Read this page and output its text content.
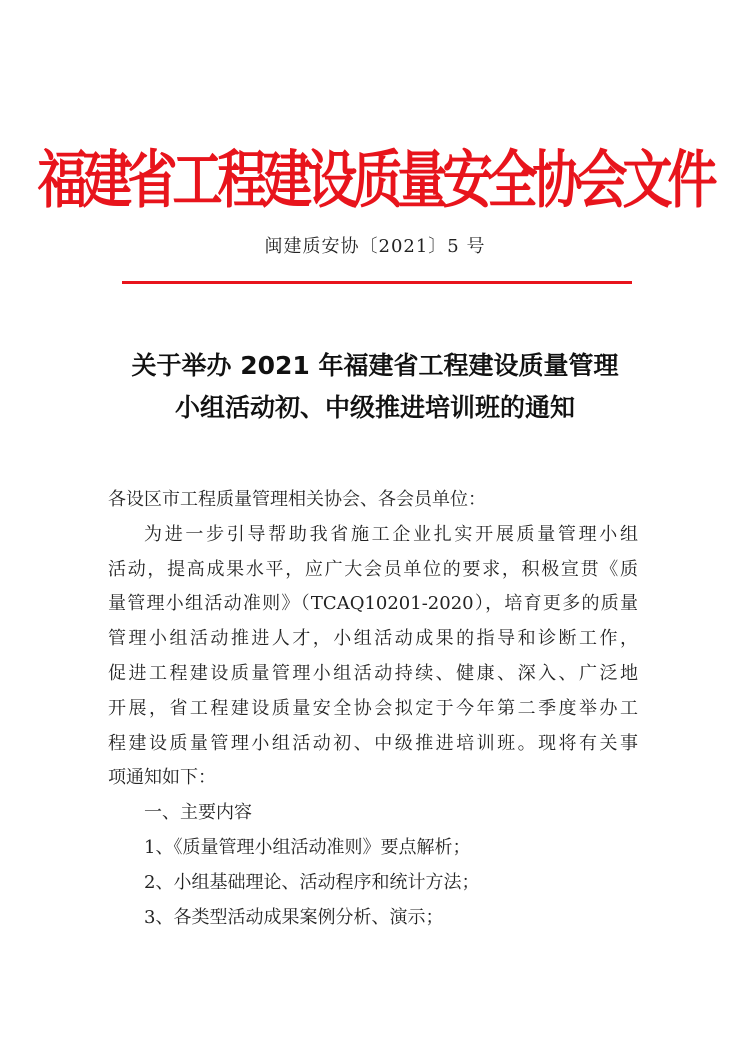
福建省工程建设质量安全协会文件
闽建质安协〔2021〕5 号
关于举办 2021 年福建省工程建设质量管理
小组活动初、中级推进培训班的通知
各设区市工程质量管理相关协会、各会员单位：
为进一步引导帮助我省施工企业扎实开展质量管理小组
活动，提高成果水平，应广大会员单位的要求，积极宣贯《质
量管理小组活动准则》（TCAQ10201-2020），培育更多的质量
管理小组活动推进人才，小组活动成果的指导和诊断工作，
促进工程建设质量管理小组活动持续、健康、深入、广泛地
开展，省工程建设质量安全协会拟定于今年第二季度举办工
程建设质量管理小组活动初、中级推进培训班。现将有关事
项通知如下：
一、主要内容
1、《质量管理小组活动准则》要点解析；
2、小组基础理论、活动程序和统计方法；
3、各类型活动成果案例分析、演示；
